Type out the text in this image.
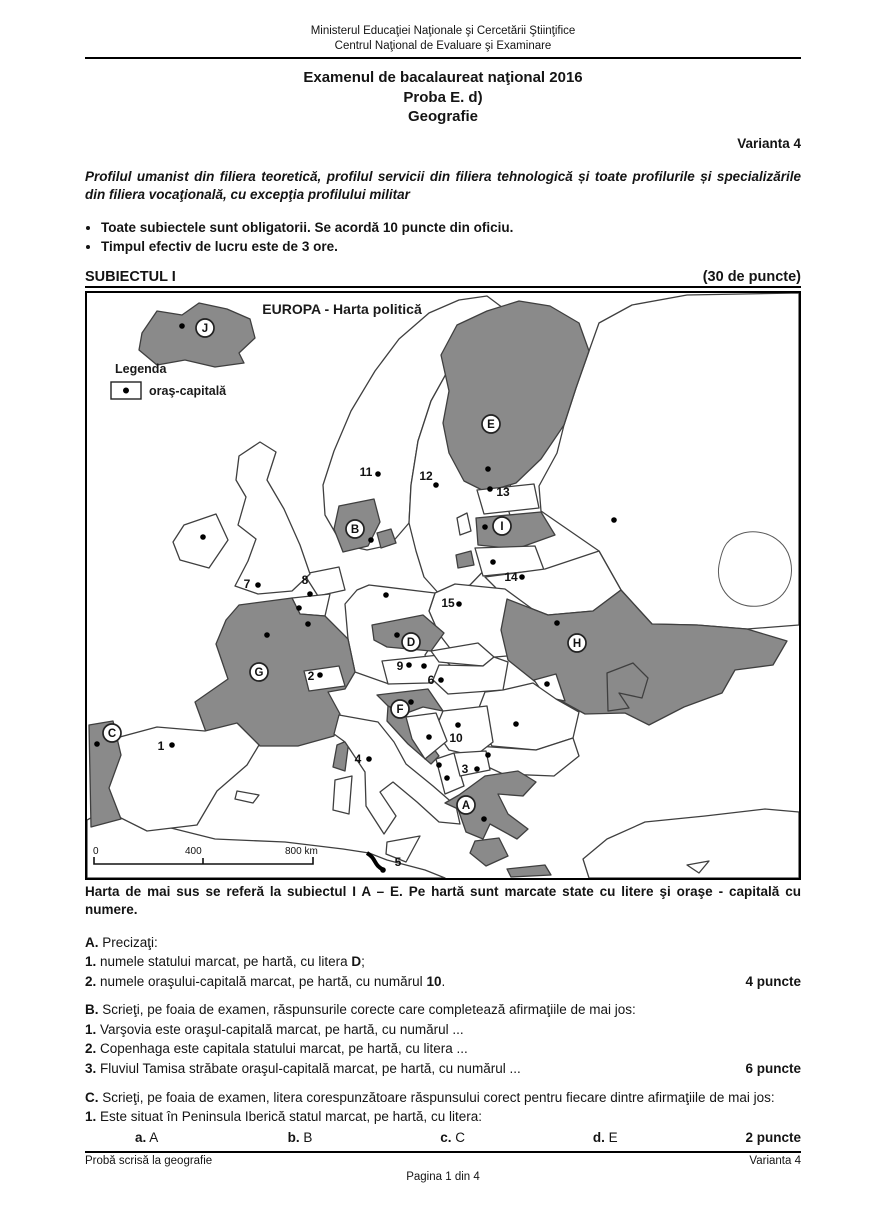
Ministerul Educaţiei Naţionale şi Cercetării Ştiinţifice
Centrul Naţional de Evaluare şi Examinare
Examenul de bacalaureat naţional 2016
Proba E. d)
Geografie
Varianta 4

Profilul umanist din filiera teoretică, profilul servicii din filiera tehnologică și toate profilurile și specializările din filiera vocaţională, cu excepţia profilului militar

• Toate subiectele sunt obligatorii. Se acordă 10 puncte din oficiu.
• Timpul efectiv de lucru este de 3 ore.
SUBIECTUL I	(30 de puncte)
EUROPA - Harta politică
Legenda
oraş-capitală
0	400	800 km
1
2
3
4
5
6
7	8
9
10
11	12
13
14
15
A
B
C
D
E
F
G
H
I
J

Harta de mai sus se referă la subiectul I A – E. Pe hartă sunt marcate state cu litere şi oraşe - capitală cu numere.

A. Precizaţi:
1. numele statului marcat, pe hartă, cu litera D;
2. numele oraşului-capitală marcat, pe hartă, cu numărul 10.	4 puncte
B. Scrieţi, pe foaia de examen, răspunsurile corecte care completează afirmaţiile de mai jos:
1. Varşovia este oraşul-capitală marcat, pe hartă, cu numărul ...
2. Copenhaga este capitala statului marcat, pe hartă, cu litera ...
3. Fluviul Tamisa străbate oraşul-capitală marcat, pe hartă, cu numărul ...	6 puncte

C. Scrieţi, pe foaia de examen, litera corespunzătoare răspunsului corect pentru fiecare dintre afirmaţiile de mai jos:

1. Este situat în Peninsula Iberică statul marcat, pe hartă, cu litera:
a. A	b. B	c. C	d. E	2 puncte
Probă scrisă la geografie	Varianta 4
Pagina 1 din 4
